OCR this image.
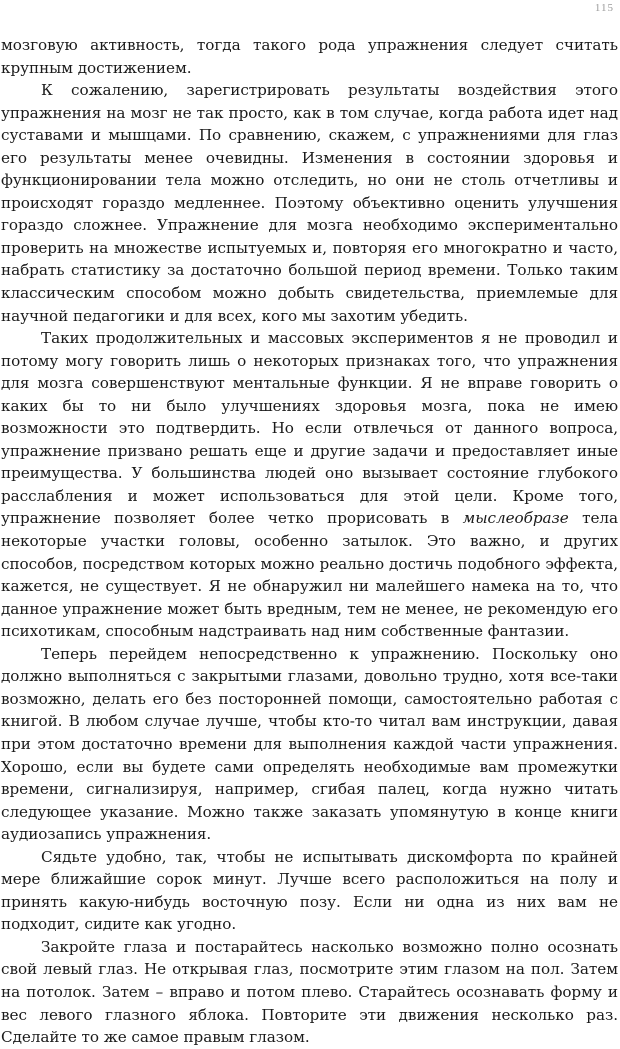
115

мозговую активность, тогда такого рода упражнения следует считать крупным достижением.

К сожалению, зарегистрировать результаты воздействия этого упражнения на мозг не так просто, как в том случае, когда работа идет над суставами и мышцами. По сравнению, скажем, с упражнениями для глаз его результаты менее очевидны. Изменения в состоянии здоровья и функционировании тела можно отследить, но они не столь отчетливы и происходят гораздо медленнее. Поэтому объективно оценить улучшения гораздо сложнее. Упражнение для мозга необходимо экспериментально проверить на множестве испытуемых и, повторяя его многократно и часто, набрать статистику за достаточно большой период времени. Только таким классическим способом можно добыть свидетельства, приемлемые для научной педагогики и для всех, кого мы захотим убедить.

Таких продолжительных и массовых экспериментов я не проводил и потому могу говорить лишь о некоторых признаках того, что упражнения для мозга совершенствуют ментальные функции. Я не вправе говорить о каких бы то ни было улучшениях здоровья мозга, пока не имею возможности это подтвердить. Но если отвлечься от данного вопроса, упражнение призвано решать еще и другие задачи и предоставляет иные преимущества. У большинства людей оно вызывает состояние глубокого расслабления и может использоваться для этой цели. Кроме того, упражнение позволяет более четко прорисовать в мыслеобразе тела некоторые участки головы, особенно затылок. Это важно, и других способов, посредством которых можно реально достичь подобного эффекта, кажется, не существует. Я не обнаружил ни малейшего намека на то, что данное упражнение может быть вредным, тем не менее, не рекомендую его психотикам, способным надстраивать над ним собственные фантазии.

Теперь перейдем непосредственно к упражнению. Поскольку оно должно выполняться с закрытыми глазами, довольно трудно, хотя все-таки возможно, делать его без посторонней помощи, самостоятельно работая с книгой. В любом случае лучше, чтобы кто-то читал вам инструкции, давая при этом достаточно времени для выполнения каждой части упражнения. Хорошо, если вы будете сами определять необходимые вам промежутки времени, сигнализируя, например, сгибая палец, когда нужно читать следующее указание. Можно также заказать упомянутую в конце книги аудиозапись упражнения.

Сядьте удобно, так, чтобы не испытывать дискомфорта по крайней мере ближайшие сорок минут. Лучше всего расположиться на полу и принять какую-нибудь восточную позу. Если ни одна из них вам не подходит, сидите как угодно.

Закройте глаза и постарайтесь насколько возможно полно осознать свой левый глаз. Не открывая глаз, посмотрите этим глазом на пол. Затем на потолок. Затем – вправо и потом плево. Старайтесь осознавать форму и вес левого глазного яблока. Повторите эти движения несколько раз. Сделайте то же самое правым глазом.
